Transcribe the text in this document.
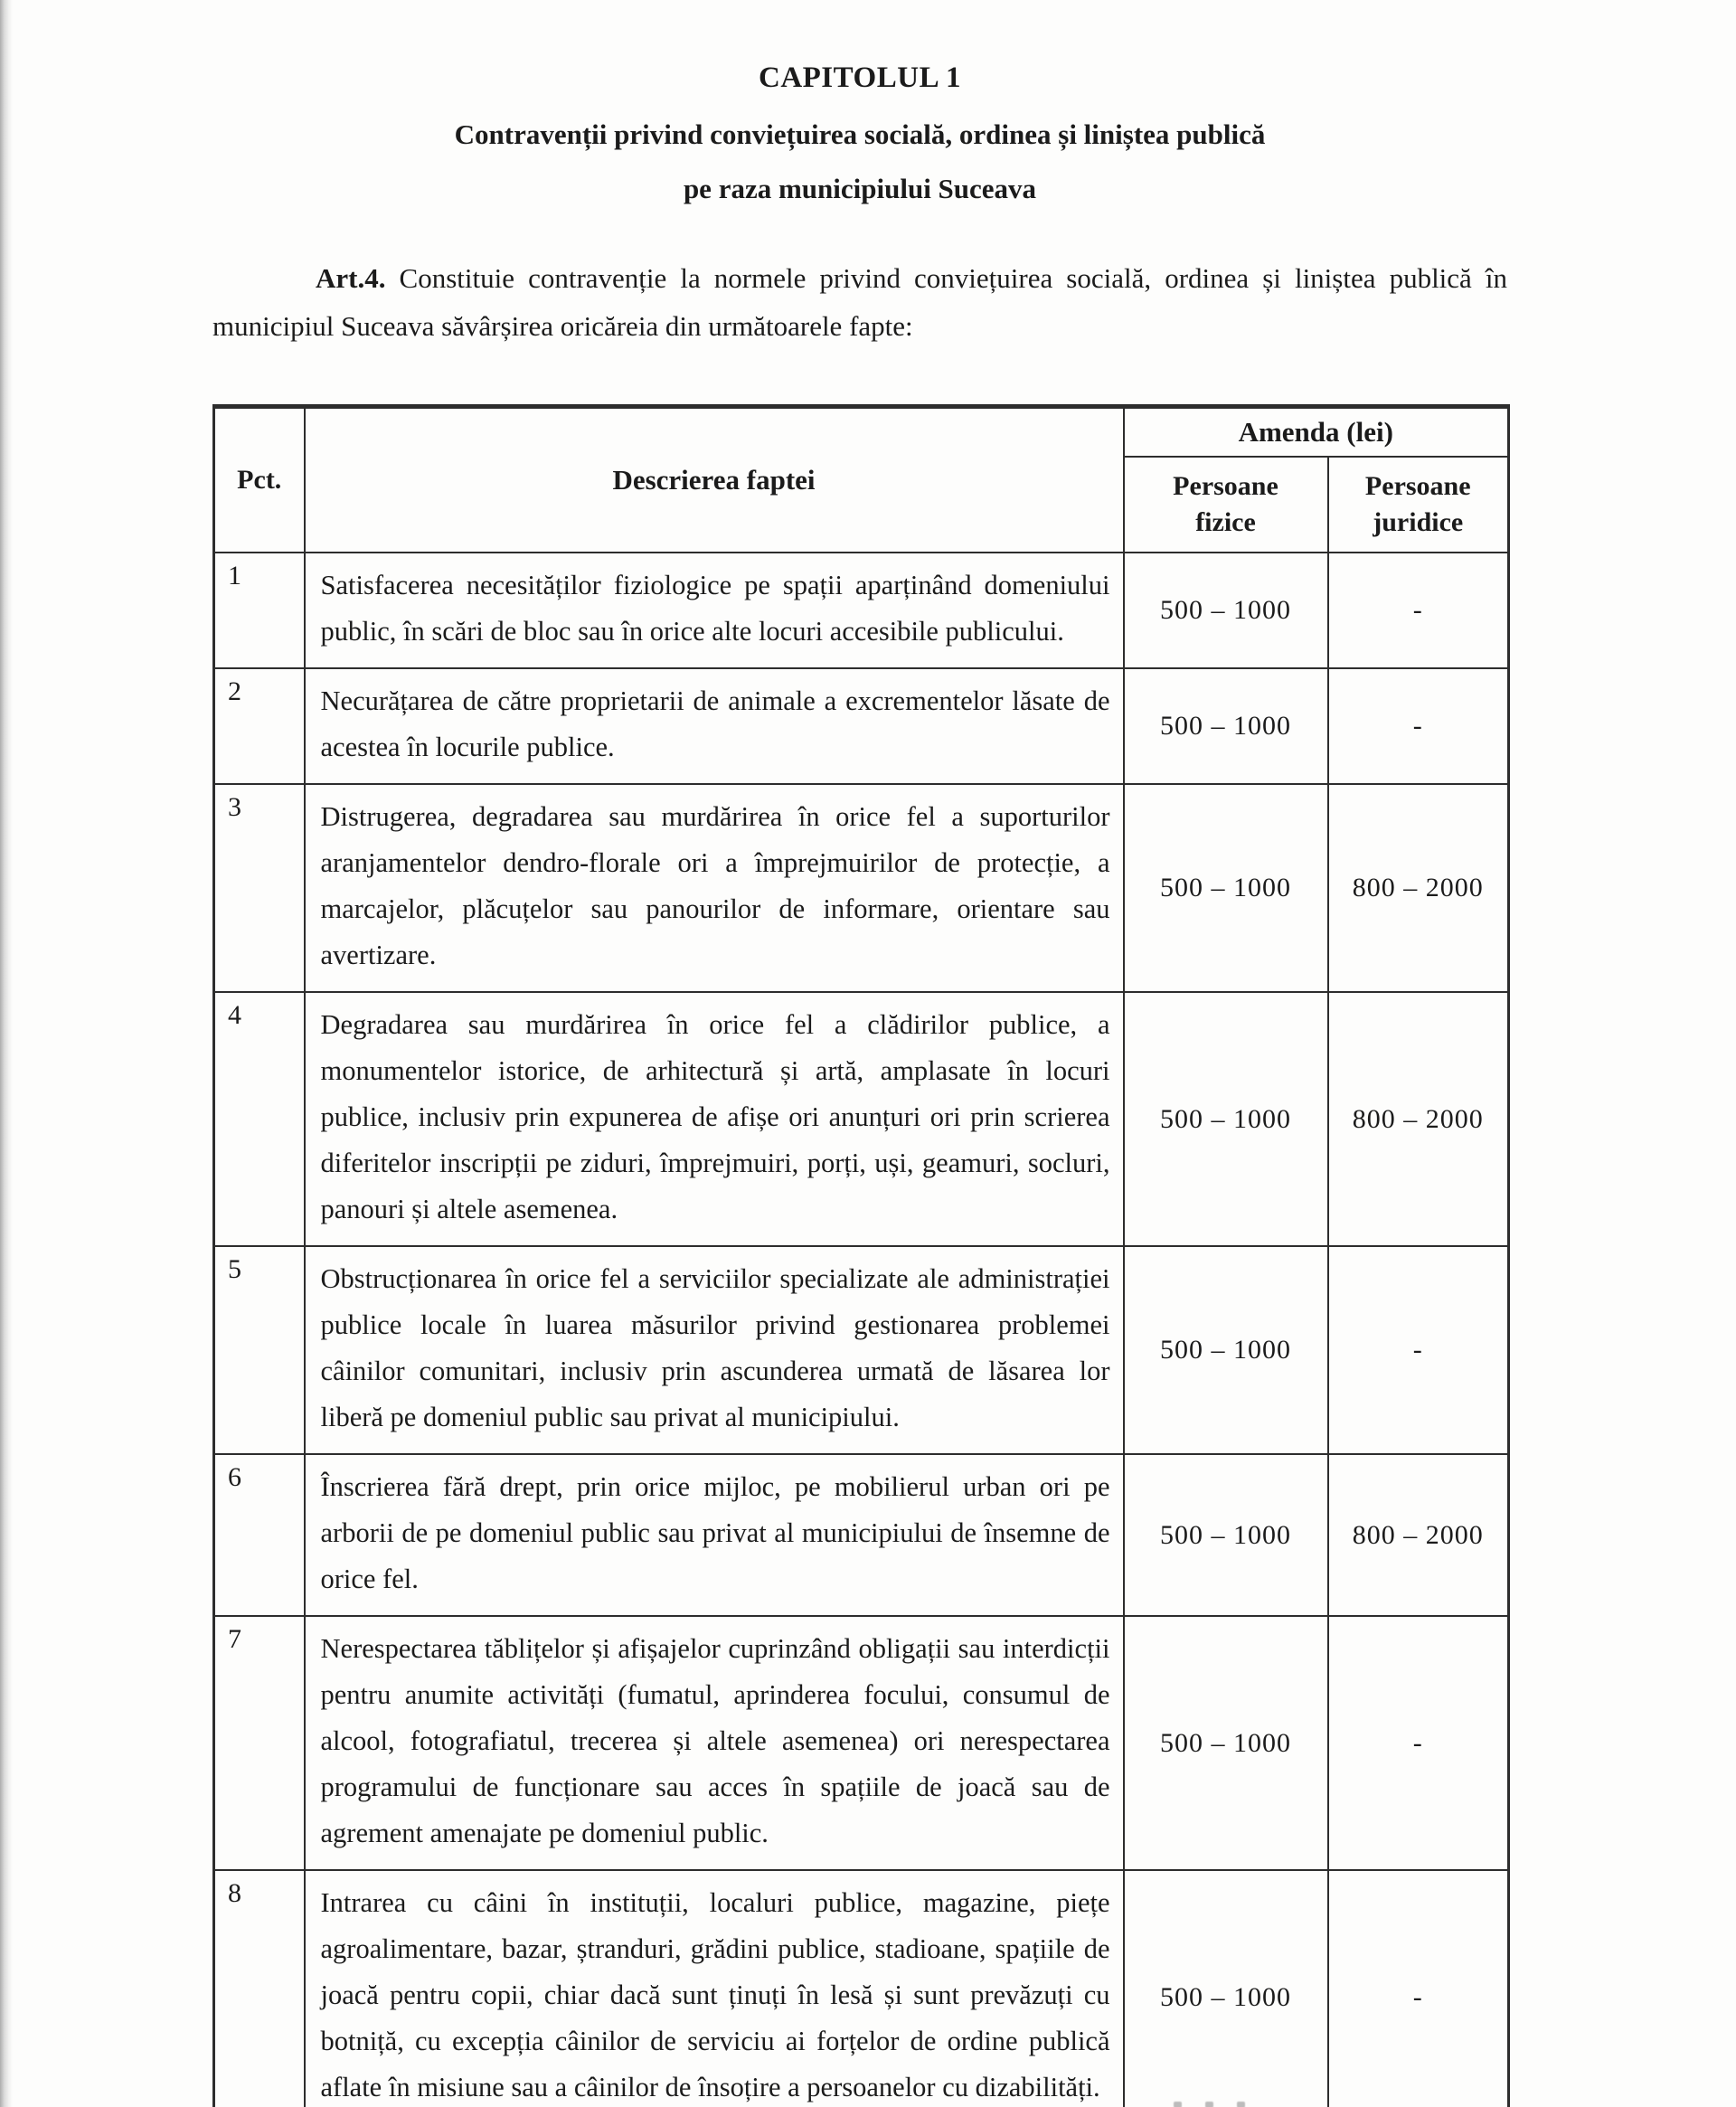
CAPITOLUL 1
Contravenții privind conviețuirea socială, ordinea și liniștea publică
pe raza municipiului Suceava

Art.4. Constituie contravenție la normele privind conviețuirea socială, ordinea și liniștea publică în municipiul Suceava săvârșirea oricăreia din următoarele fapte:

Pct.	Descrierea faptei	Amenda (lei)	
		Persoane fizice	Persoane juridice
1	Satisfacerea necesităților fiziologice pe spații aparținând domeniului public, în scări de bloc sau în orice alte locuri accesibile publicului.	500 – 1000	-
2	Necurățarea de către proprietarii de animale a excrementelor lăsate de acestea în locurile publice.	500 – 1000	-
3	Distrugerea, degradarea sau murdărirea în orice fel a suporturilor aranjamentelor dendro-florale ori a împrejmuirilor de protecție, a marcajelor, plăcuțelor sau panourilor de informare, orientare sau avertizare.	500 – 1000	800 – 2000
4	Degradarea sau murdărirea în orice fel a clădirilor publice, a monumentelor istorice, de arhitectură și artă, amplasate în locuri publice, inclusiv prin expunerea de afișe ori anunțuri ori prin scrierea diferitelor inscripții pe ziduri, împrejmuiri, porți, uși, geamuri, socluri, panouri și altele asemenea.	500 – 1000	800 – 2000
5	Obstrucționarea în orice fel a serviciilor specializate ale administrației publice locale în luarea măsurilor privind gestionarea problemei câinilor comunitari, inclusiv prin ascunderea urmată de lăsarea lor liberă pe domeniul public sau privat al municipiului.	500 – 1000	-
6	Înscrierea fără drept, prin orice mijloc, pe mobilierul urban ori pe arborii de pe domeniul public sau privat al municipiului de însemne de orice fel.	500 – 1000	800 – 2000
7	Nerespectarea tăblițelor și afișajelor cuprinzând obligații sau interdicții pentru anumite activități (fumatul, aprinderea focului, consumul de alcool, fotografiatul, trecerea și altele asemenea) ori nerespectarea programului de funcționare sau acces în spațiile de joacă sau de agrement amenajate pe domeniul public.	500 – 1000	-
8	Intrarea cu câini în instituții, localuri publice, magazine, piețe agroalimentare, bazar, ștranduri, grădini publice, stadioane, spațiile de joacă pentru copii, chiar dacă sunt ținuți în lesă și sunt prevăzuți cu botniță, cu excepția câinilor de serviciu ai forțelor de ordine publică aflate în misiune sau a câinilor de însoțire a persoanelor cu dizabilități.	500 – 1000	-
